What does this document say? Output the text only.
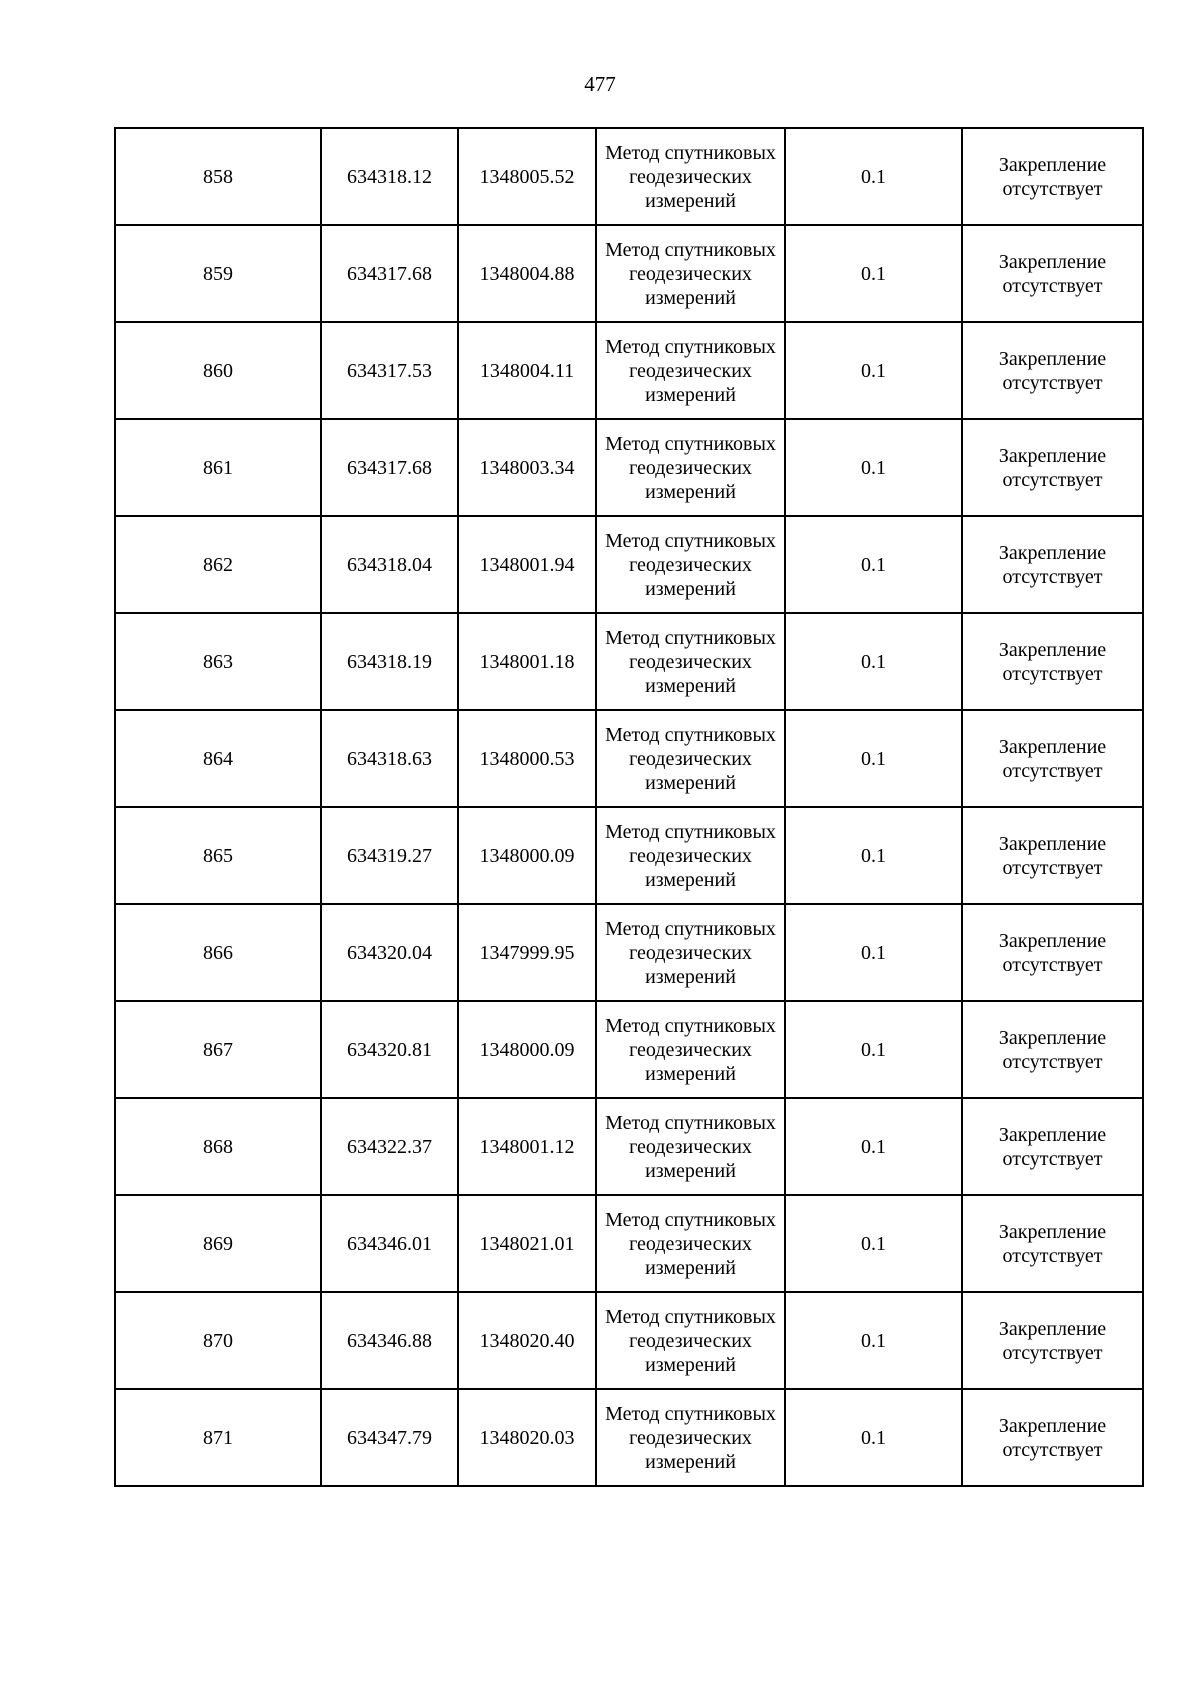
477
858	634318.12	1348005.52	Метод спутниковых геодезических измерений	0.1	Закрепление отсутствует
859	634317.68	1348004.88	Метод спутниковых геодезических измерений	0.1	Закрепление отсутствует
860	634317.53	1348004.11	Метод спутниковых геодезических измерений	0.1	Закрепление отсутствует
861	634317.68	1348003.34	Метод спутниковых геодезических измерений	0.1	Закрепление отсутствует
862	634318.04	1348001.94	Метод спутниковых геодезических измерений	0.1	Закрепление отсутствует
863	634318.19	1348001.18	Метод спутниковых геодезических измерений	0.1	Закрепление отсутствует
864	634318.63	1348000.53	Метод спутниковых геодезических измерений	0.1	Закрепление отсутствует
865	634319.27	1348000.09	Метод спутниковых геодезических измерений	0.1	Закрепление отсутствует
866	634320.04	1347999.95	Метод спутниковых геодезических измерений	0.1	Закрепление отсутствует
867	634320.81	1348000.09	Метод спутниковых геодезических измерений	0.1	Закрепление отсутствует
868	634322.37	1348001.12	Метод спутниковых геодезических измерений	0.1	Закрепление отсутствует
869	634346.01	1348021.01	Метод спутниковых геодезических измерений	0.1	Закрепление отсутствует
870	634346.88	1348020.40	Метод спутниковых геодезических измерений	0.1	Закрепление отсутствует
871	634347.79	1348020.03	Метод спутниковых геодезических измерений	0.1	Закрепление отсутствует
